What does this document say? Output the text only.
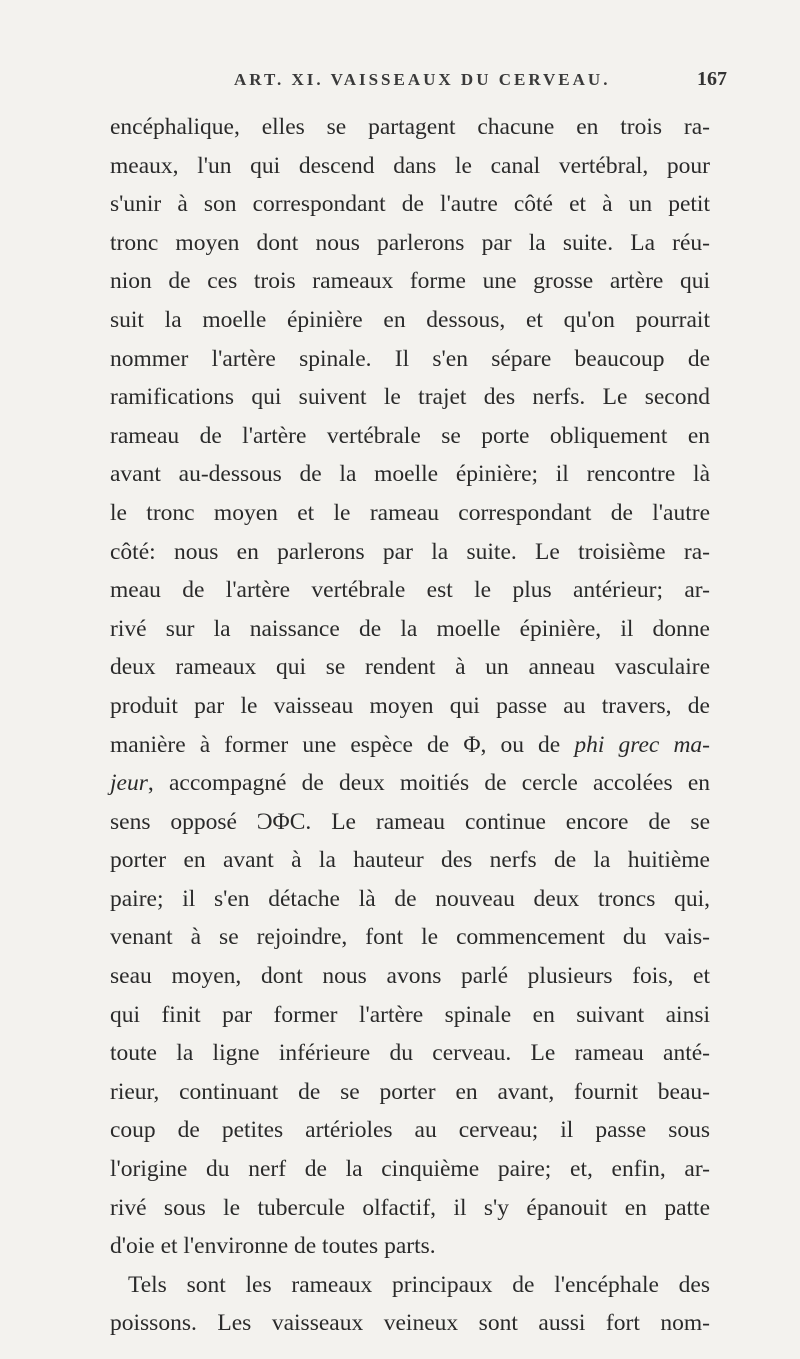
ART. XI. VAISSEAUX DU CERVEAU.	167
encéphalique, elles se partagent chacune en trois ra-
meaux, l'un qui descend dans le canal vertébral, pour
s'unir à son correspondant de l'autre côté et à un petit
tronc moyen dont nous parlerons par la suite. La réu-
nion de ces trois rameaux forme une grosse artère qui
suit la moelle épinière en dessous, et qu'on pourrait
nommer l'artère spinale. Il s'en sépare beaucoup de
ramifications qui suivent le trajet des nerfs. Le second
rameau de l'artère vertébrale se porte obliquement en
avant au-dessous de la moelle épinière; il rencontre là
le tronc moyen et le rameau correspondant de l'autre
côté: nous en parlerons par la suite. Le troisième ra-
meau de l'artère vertébrale est le plus antérieur; ar-
rivé sur la naissance de la moelle épinière, il donne
deux rameaux qui se rendent à un anneau vasculaire
produit par le vaisseau moyen qui passe au travers, de
manière à former une espèce de Φ, ou de phi grec ma-
jeur, accompagné de deux moitiés de cercle accolées en
sens opposé ϽΦC. Le rameau continue encore de se
porter en avant à la hauteur des nerfs de la huitième
paire; il s'en détache là de nouveau deux troncs qui,
venant à se rejoindre, font le commencement du vais-
seau moyen, dont nous avons parlé plusieurs fois, et
qui finit par former l'artère spinale en suivant ainsi
toute la ligne inférieure du cerveau. Le rameau anté-
rieur, continuant de se porter en avant, fournit beau-
coup de petites artérioles au cerveau; il passe sous
l'origine du nerf de la cinquième paire; et, enfin, ar-
rivé sous le tubercule olfactif, il s'y épanouit en patte
d'oie et l'environne de toutes parts.
Tels sont les rameaux principaux de l'encéphale des
poissons. Les vaisseaux veineux sont aussi fort nom-
